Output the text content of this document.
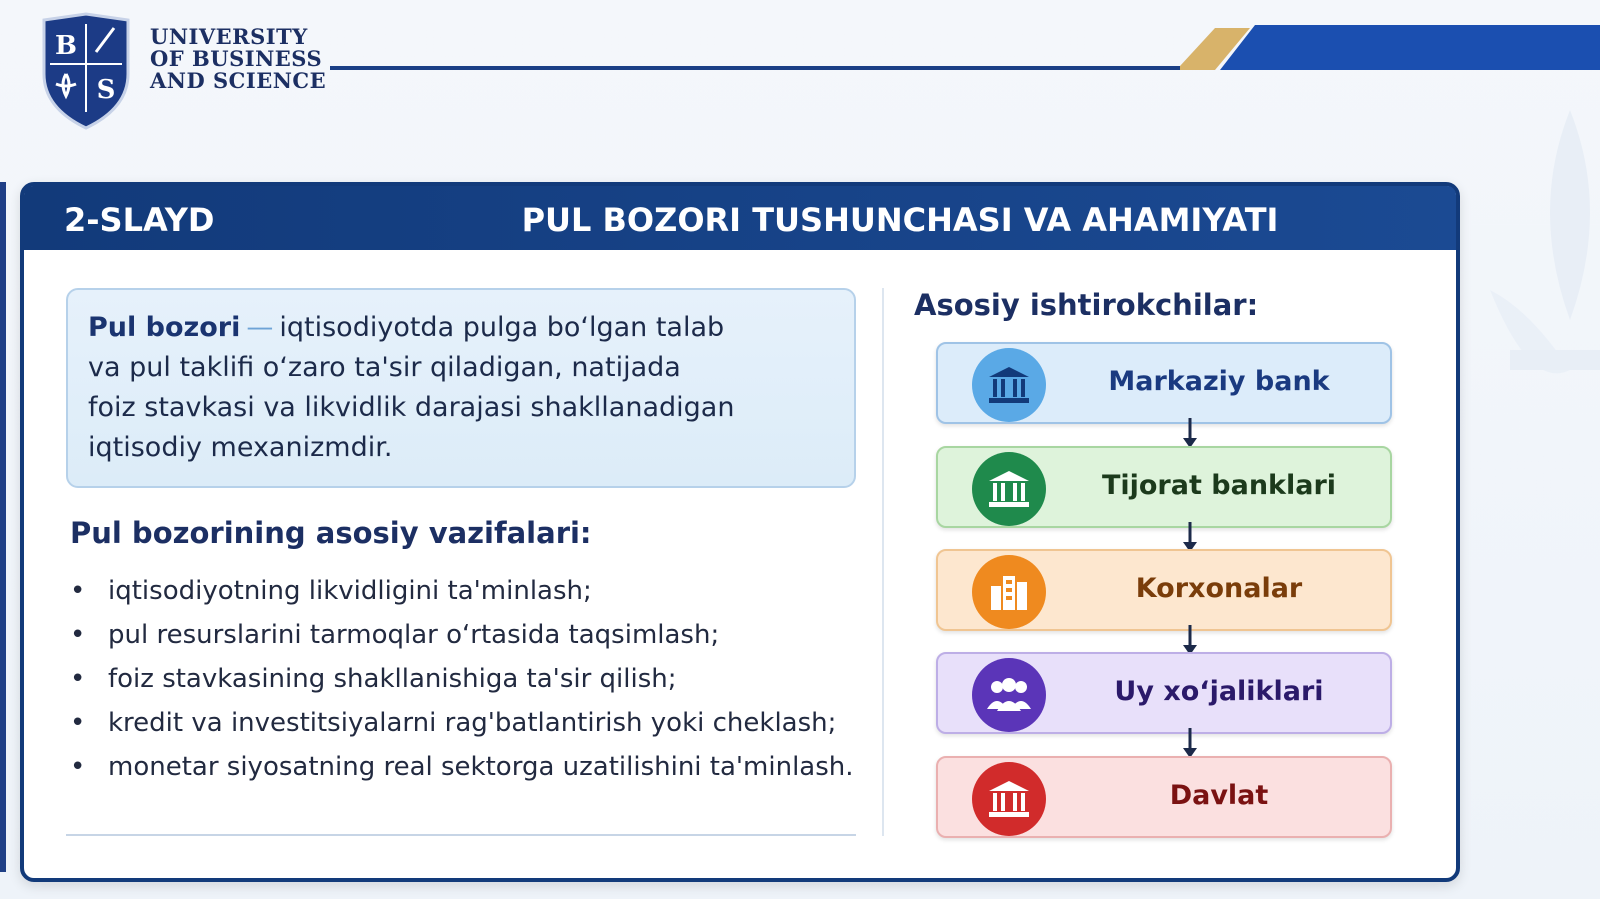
B
S
UNIVERSITY
OF BUSINESS
AND SCIENCE
2-SLAYD	PUL BOZORI TUSHUNCHASI VA AHAMIYATI
Pul bozori — iqtisodiyotda pulga bo‘lgan talab
va pul taklifi o‘zaro ta'sir qiladigan, natijada
foiz stavkasi va likvidlik darajasi shakllanadigan
iqtisodiy mexanizmdir.
Pul bozorining asosiy vazifalari:
• iqtisodiyotning likvidligini ta'minlash;
• pul resurslarini tarmoqlar o‘rtasida taqsimlash;
• foiz stavkasining shakllanishiga ta'sir qilish;
• kredit va investitsiyalarni rag'batlantirish yoki cheklash;
• monetar siyosatning real sektorga uzatilishini ta'minlash.
Asosiy ishtirokchilar:
Markaziy bank
Tijorat banklari
Korxonalar
Uy xo‘jaliklari
Davlat
